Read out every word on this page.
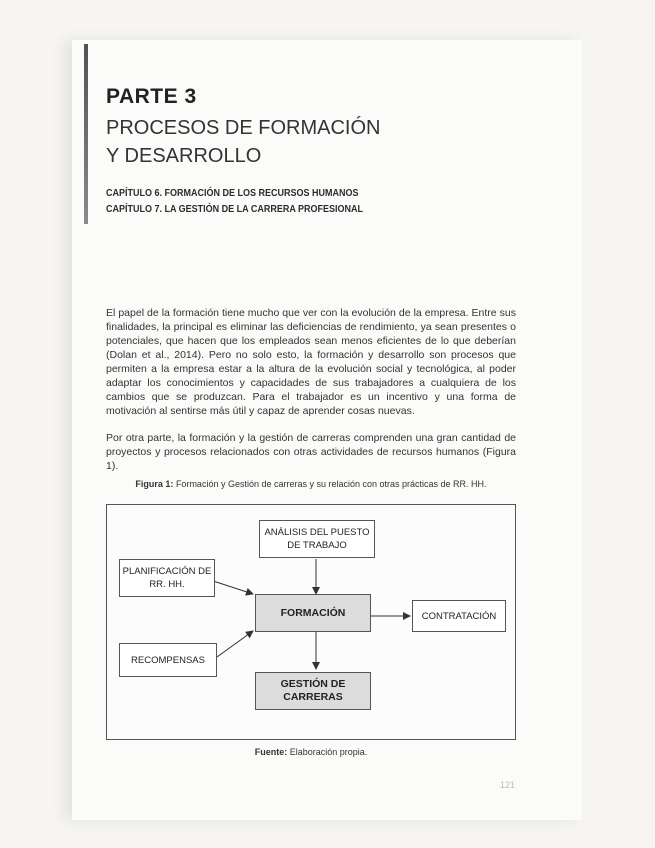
PARTE 3
PROCESOS DE FORMACIÓN
Y DESARROLLO
CAPÍTULO 6. FORMACIÓN DE LOS RECURSOS HUMANOS
CAPÍTULO 7. LA GESTIÓN DE LA CARRERA PROFESIONAL

El papel de la formación tiene mucho que ver con la evolución de la empresa. Entre sus finalidades, la principal es eliminar las deficiencias de rendimiento, ya sean presentes o potenciales, que hacen que los empleados sean menos eficientes de lo que deberían (Dolan et al., 2014). Pero no solo esto, la formación y desarrollo son procesos que permiten a la empresa estar a la altura de la evolución social y tecnológica, al poder adaptar los conocimientos y capacidades de sus trabajadores a cualquiera de los cambios que se produzcan. Para el trabajador es un incentivo y una forma de motivación al sentirse más útil y capaz de aprender cosas nuevas.

Por otra parte, la formación y la gestión de carreras comprenden una gran cantidad de proyectos y procesos relacionados con otras actividades de recursos humanos (Figura 1).

Figura 1: Formación y Gestión de carreras y su relación con otras prácticas de RR. HH.
ANÁLISIS DEL PUESTO
DE TRABAJO
PLANIFICACIÓN DE
RR. HH.
FORMACIÓN	CONTRATACIÓN
RECOMPENSAS
GESTIÓN DE CARRERAS
Fuente: Elaboración propia.
121
